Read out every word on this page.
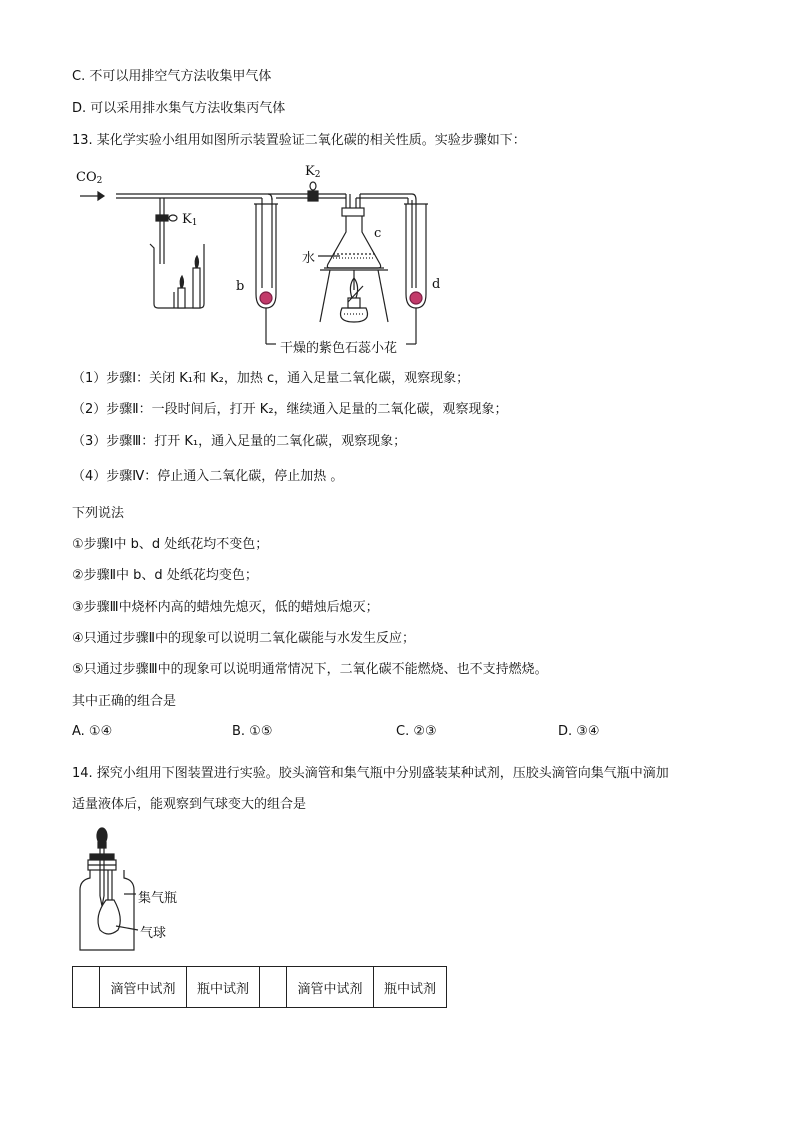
C. 不可以用排空气方法收集甲气体
D. 可以采用排水集气方法收集丙气体
13. 某化学实验小组用如图所示装置验证二氧化碳的相关性质。实验步骤如下：
$CO_2$
$K_1$
$K_2$
b
c
d
水
干燥的紫色石蕊小花
（1）步骤Ⅰ：关闭 K₁和 K₂，加热 c，通入足量二氧化碳，观察现象；
（2）步骤Ⅱ：一段时间后，打开 K₂，继续通入足量的二氧化碳，观察现象；
（3）步骤Ⅲ：打开 K₁，通入足量的二氧化碳，观察现象；
（4）步骤Ⅳ：停止通入二氧化碳，停止加热 。
下列说法
①步骤Ⅰ中 b、d 处纸花均不变色；
②步骤Ⅱ中 b、d 处纸花均变色；
③步骤Ⅲ中烧杯内高的蜡烛先熄灭，低的蜡烛后熄灭；
④只通过步骤Ⅱ中的现象可以说明二氧化碳能与水发生反应；
⑤只通过步骤Ⅲ中的现象可以说明通常情况下，二氧化碳不能燃烧、也不支持燃烧。
其中正确的组合是
A. ①④	B. ①⑤	C. ②③	D. ③④
14. 探究小组用下图装置进行实验。胶头滴管和集气瓶中分别盛装某种试剂，压胶头滴管向集气瓶中滴加
适量液体后，能观察到气球变大的组合是
集气瓶
气球
	滴管中试剂	瓶中试剂		滴管中试剂	瓶中试剂
